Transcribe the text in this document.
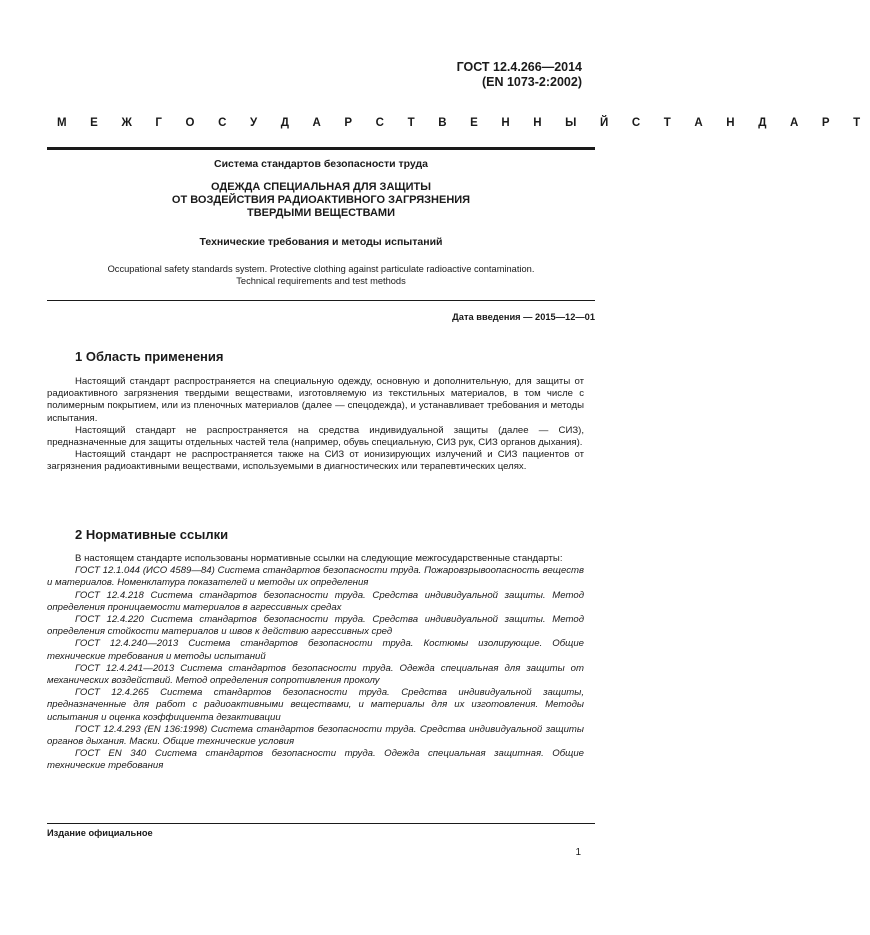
ГОСТ 12.4.266—2014
(EN 1073-2:2002)
М Е Ж Г О С У Д А Р С Т В Е Н Н Ы Й С Т А Н Д А Р Т
Система стандартов безопасности труда
ОДЕЖДА СПЕЦИАЛЬНАЯ ДЛЯ ЗАЩИТЫ
ОТ ВОЗДЕЙСТВИЯ РАДИОАКТИВНОГО ЗАГРЯЗНЕНИЯ
ТВЕРДЫМИ ВЕЩЕСТВАМИ
Технические требования и методы испытаний
Occupational safety standards system. Protective clothing against particulate radioactive contamination.
Technical requirements and test methods
Дата введения — 2015—12—01
1 Область применения

Настоящий стандарт распространяется на специальную одежду, основную и дополнительную, для защиты от радиоактивного загрязнения твердыми веществами, изготовляемую из текстильных материалов, в том числе с полимерным покрытием, или из пленочных материалов (далее — спецодежда), и устанавливает требования и методы испытания.

Настоящий стандарт не распространяется на средства индивидуальной защиты (далее — СИЗ), предназначенные для защиты отдельных частей тела (например, обувь специальную, СИЗ рук, СИЗ органов дыхания).

Настоящий стандарт не распространяется также на СИЗ от ионизирующих излучений и СИЗ пациентов от загрязнения радиоактивными веществами, используемыми в диагностических или терапевтических целях.

2 Нормативные ссылки

В настоящем стандарте использованы нормативные ссылки на следующие межгосударственные стандарты:

ГОСТ 12.1.044 (ИСО 4589—84) Система стандартов безопасности труда. Пожаровзрывоопасность веществ и материалов. Номенклатура показателей и методы их определения

ГОСТ 12.4.218 Система стандартов безопасности труда. Средства индивидуальной защиты. Метод определения проницаемости материалов в агрессивных средах

ГОСТ 12.4.220 Система стандартов безопасности труда. Средства индивидуальной защиты. Метод определения стойкости материалов и швов к действию агрессивных сред

ГОСТ 12.4.240—2013 Система стандартов безопасности труда. Костюмы изолирующие. Общие технические требования и методы испытаний

ГОСТ 12.4.241—2013 Система стандартов безопасности труда. Одежда специальная для защиты от механических воздействий. Метод определения сопротивления проколу

ГОСТ 12.4.265 Система стандартов безопасности труда. Средства индивидуальной защиты, предназначенные для работ с радиоактивными веществами, и материалы для их изготовления. Методы испытания и оценка коэффициента дезактивации

ГОСТ 12.4.293 (EN 136:1998) Система стандартов безопасности труда. Средства индивидуальной защиты органов дыхания. Маски. Общие технические условия

ГОСТ EN 340 Система стандартов безопасности труда. Одежда специальная защитная. Общие технические требования

Издание официальное
1
